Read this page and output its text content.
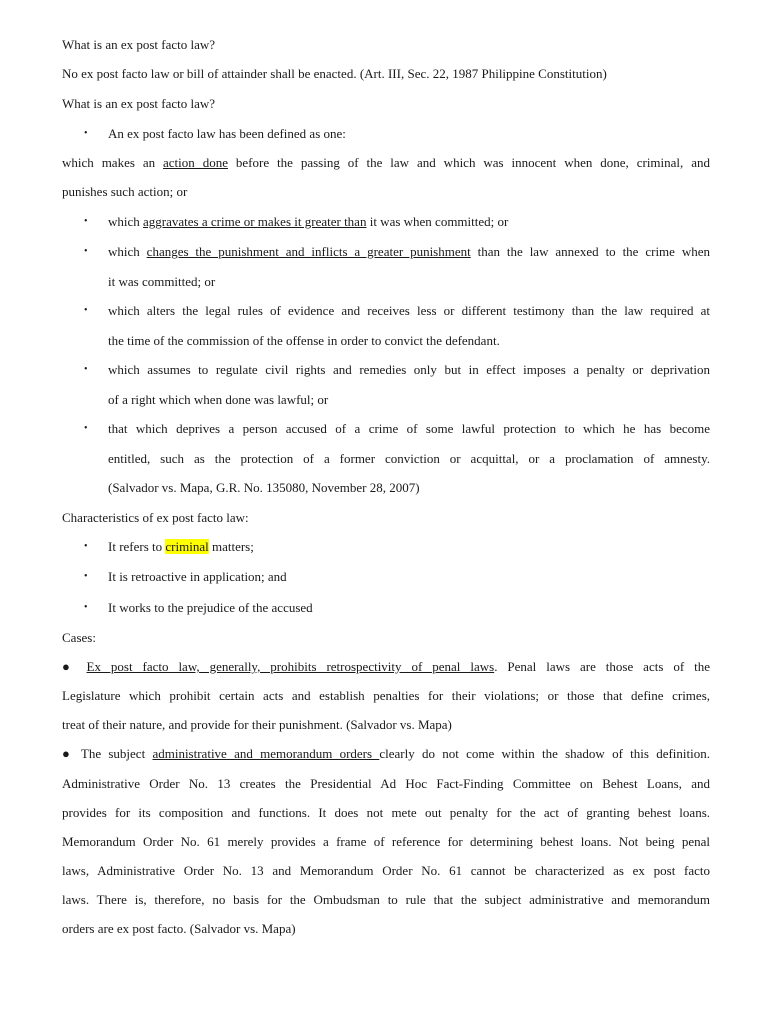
What is an ex post facto law?
No ex post facto law or bill of attainder shall be enacted. (Art. III, Sec. 22, 1987 Philippine Constitution)
What is an ex post facto law?
• An ex post facto law has been defined as one:
which makes an action done before the passing of the law and which was innocent when done, criminal, and
punishes such action; or
• which aggravates a crime or makes it greater than it was when committed; or
• which changes the punishment and inflicts a greater punishment than the law annexed to the crime when
it was committed; or
• which alters the legal rules of evidence and receives less or different testimony than the law required at
the time of the commission of the offense in order to convict the defendant.
• which assumes to regulate civil rights and remedies only but in effect imposes a penalty or deprivation
of a right which when done was lawful; or
• that which deprives a person accused of a crime of some lawful protection to which he has become
entitled, such as the protection of a former conviction or acquittal, or a proclamation of amnesty.
(Salvador vs. Mapa, G.R. No. 135080, November 28, 2007)
Characteristics of ex post facto law:
• It refers to criminal matters;
• It is retroactive in application; and
• It works to the prejudice of the accused
Cases:
● Ex post facto law, generally, prohibits retrospectivity of penal laws. Penal laws are those acts of the
Legislature which prohibit certain acts and establish penalties for their violations; or those that define crimes,
treat of their nature, and provide for their punishment. (Salvador vs. Mapa)
● The subject administrative and memorandum orders clearly do not come within the shadow of this definition.
Administrative Order No. 13 creates the Presidential Ad Hoc Fact-Finding Committee on Behest Loans, and
provides for its composition and functions. It does not mete out penalty for the act of granting behest loans.
Memorandum Order No. 61 merely provides a frame of reference for determining behest loans. Not being penal
laws, Administrative Order No. 13 and Memorandum Order No. 61 cannot be characterized as ex post facto
laws. There is, therefore, no basis for the Ombudsman to rule that the subject administrative and memorandum
orders are ex post facto. (Salvador vs. Mapa)
